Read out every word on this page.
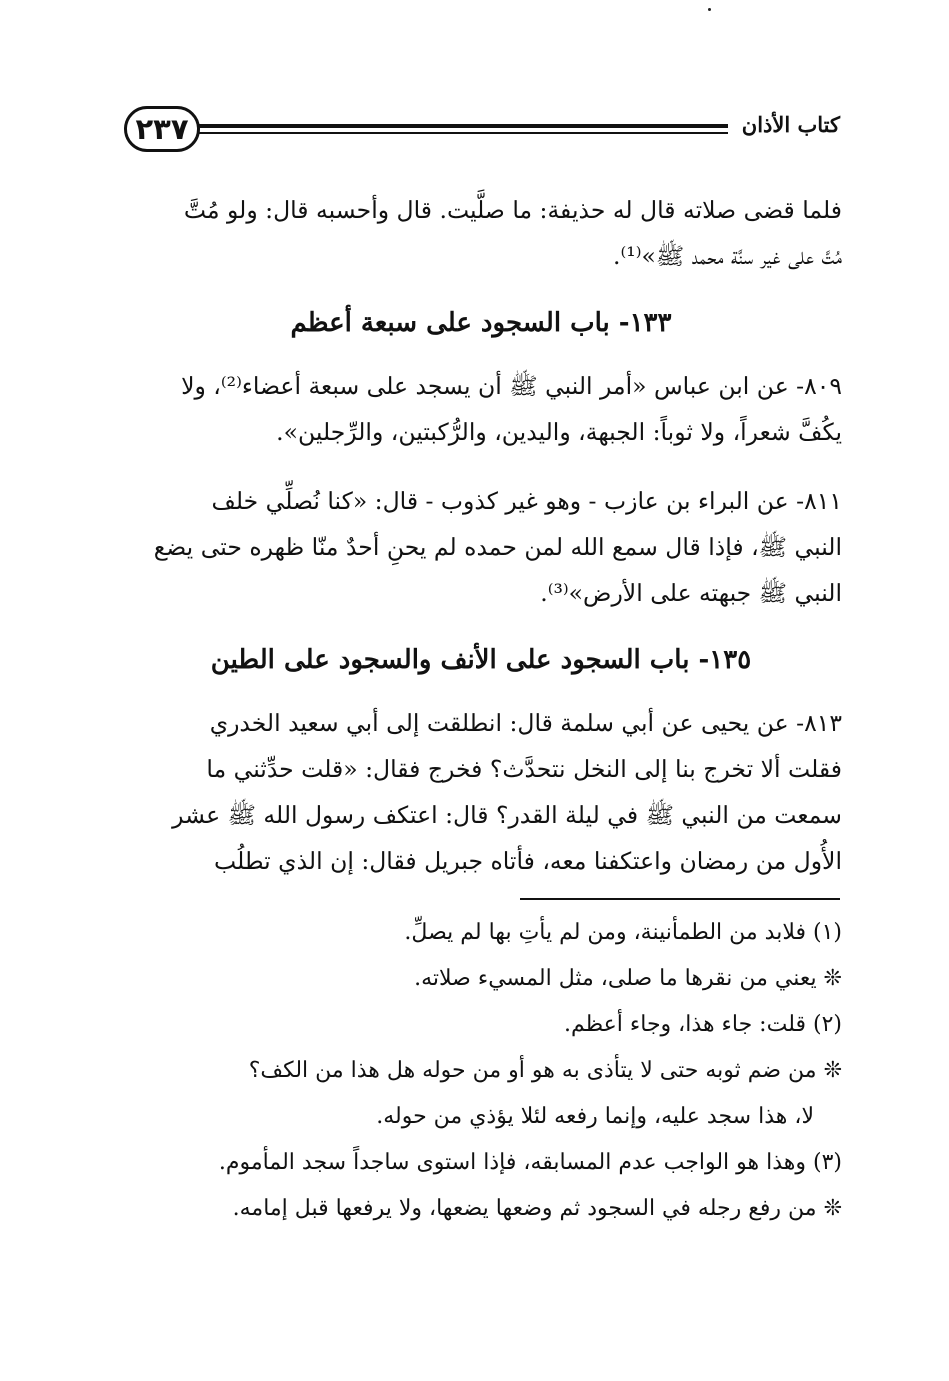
٢٣٧	كتاب الأذان
فلما قضى صلاته قال له حذيفة: ما صلَّيت. قال وأحسبه قال: ولو مُتَّ
مُتَّ على غير سنَّة محمد ﷺ»⁽¹⁾.
١٣٣- باب السجود على سبعة أعظم
٨٠٩- عن ابن عباس «أمر النبي ﷺ أن يسجد على سبعة أعضاء⁽²⁾، ولا
يكُفَّ شعراً، ولا ثوباً: الجبهة، واليدين، والرُّكبتين، والرِّجلين».
٨١١- عن البراء بن عازب - وهو غير كذوب - قال: «كنا نُصلِّي خلف
النبي ﷺ، فإذا قال سمع الله لمن حمده لم يحنِ أحدٌ منّا ظهره حتى يضع
النبي ﷺ جبهته على الأرض»⁽³⁾.
١٣٥- باب السجود على الأنف والسجود على الطين
٨١٣- عن يحيى عن أبي سلمة قال: انطلقت إلى أبي سعيد الخدري
فقلت ألا تخرج بنا إلى النخل نتحدَّث؟ فخرج فقال: «قلت حدِّثني ما
سمعت من النبي ﷺ في ليلة القدر؟ قال: اعتكف رسول الله ﷺ عشر
الأُول من رمضان واعتكفنا معه، فأتاه جبريل فقال: إن الذي تطلُب
(١) فلابد من الطمأنينة، ومن لم يأتِ بها لم يصلِّ.
❊ يعني من نقرها ما صلى، مثل المسيء صلاته.
(٢) قلت: جاء هذا، وجاء أعظم.
❊ من ضم ثوبه حتى لا يتأذى به هو أو من حوله هل هذا من الكف؟
لا، هذا سجد عليه، وإنما رفعه لئلا يؤذي من حوله.
(٣) وهذا هو الواجب عدم المسابقه، فإذا استوى ساجداً سجد المأموم.
❊ من رفع رجله في السجود ثم وضعها يضعها، ولا يرفعها قبل إمامه.
